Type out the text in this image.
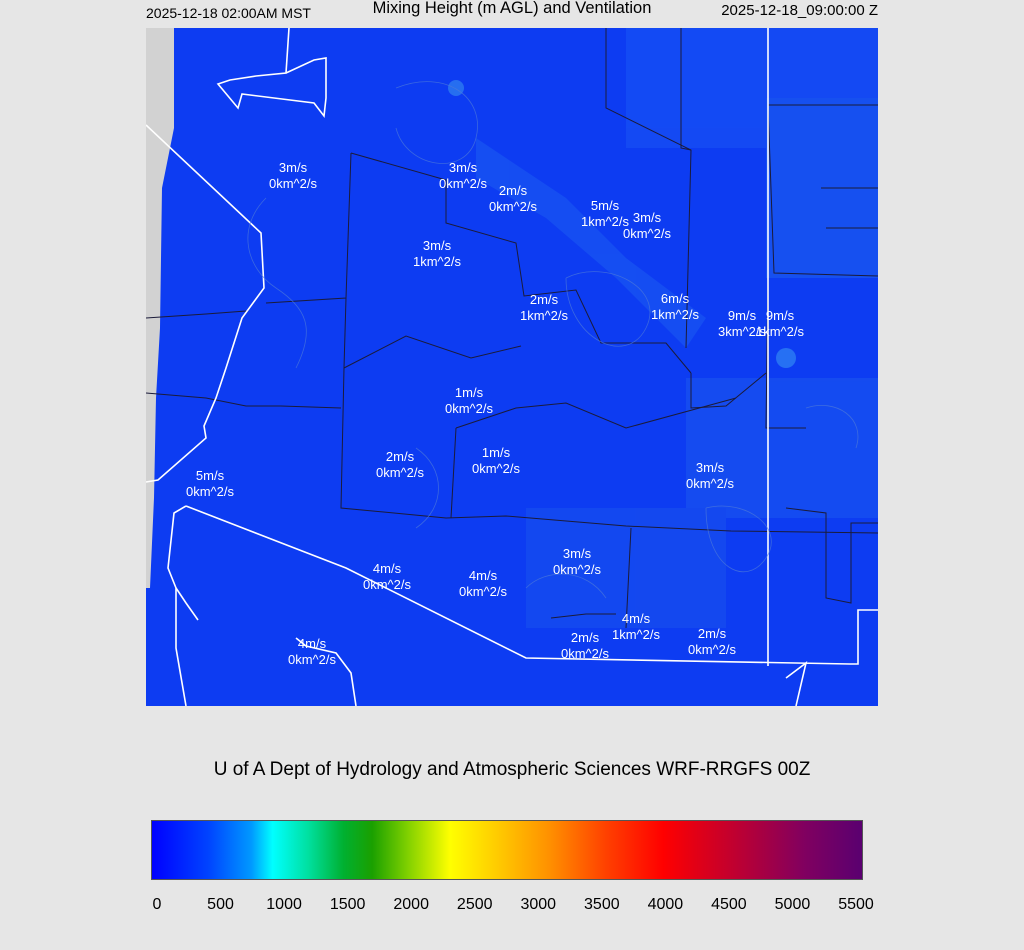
2025-12-18 02:00AM MST	Mixing Height (m AGL) and Ventilation	2025-12-18_09:00:00 Z
3m/s
0km^2/s
3m/s
0km^2/s 2m/s
0km^2/s	5m/s
1km^2/s 3m/s
0km^2/s
3m/s
1km^2/s
2m/s
1km^2/s
6m/s
1km^2/s	9m/s
3km^2/s
9m/s
1km^2/s
1m/s
0km^2/s
2m/s
0km^2/s
1m/s
0km^2/s	3m/s
0km^2/s
5m/s
0km^2/s
3m/s
0km^2/s
4m/s
0km^2/s
4m/s
0km^2/s
4m/s
1km^2/s
2m/s
0km^2/s
2m/s
0km^2/s
4m/s
0km^2/s
U of A Dept of Hydrology and Atmospheric Sciences WRF-RRGFS 00Z
0	500 1000 1500 2000 2500 3000 3500 4000 4500 5000 5500
